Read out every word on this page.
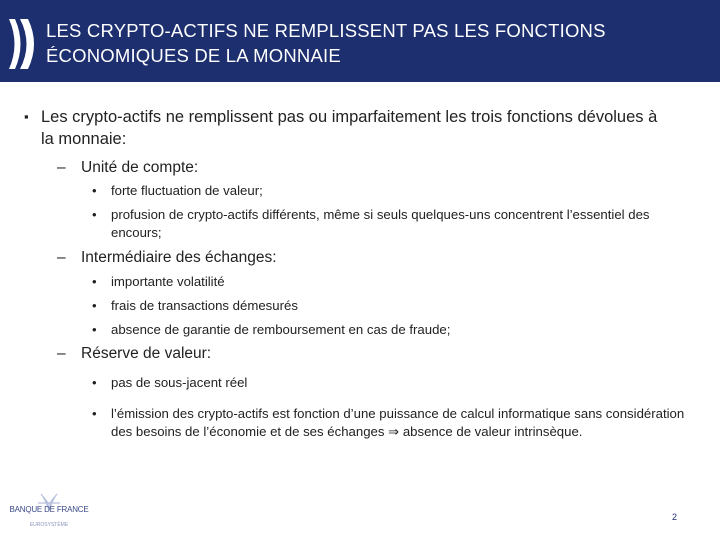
LES CRYPTO-ACTIFS NE REMPLISSENT PAS LES FONCTIONS
ÉCONOMIQUES DE LA MONNAIE
▪ Les crypto-actifs ne remplissent pas ou imparfaitement les trois fonctions dévolues à la monnaie:
– Unité de compte:
• forte fluctuation de valeur;
• profusion de crypto-actifs différents, même si seuls quelques-uns concentrent l’essentiel des encours;
– Intermédiaire des échanges:
• importante volatilité
• frais de transactions démesurés
• absence de garantie de remboursement en cas de fraude;
– Réserve de valeur:
• pas de sous-jacent réel
• l’émission des crypto-actifs est fonction d’une puissance de calcul informatique sans considération des besoins de l’économie et de ses échanges ⇒ absence de valeur intrinsèque.
BANQUE DE FRANCE
EUROSYSTÈME
2
